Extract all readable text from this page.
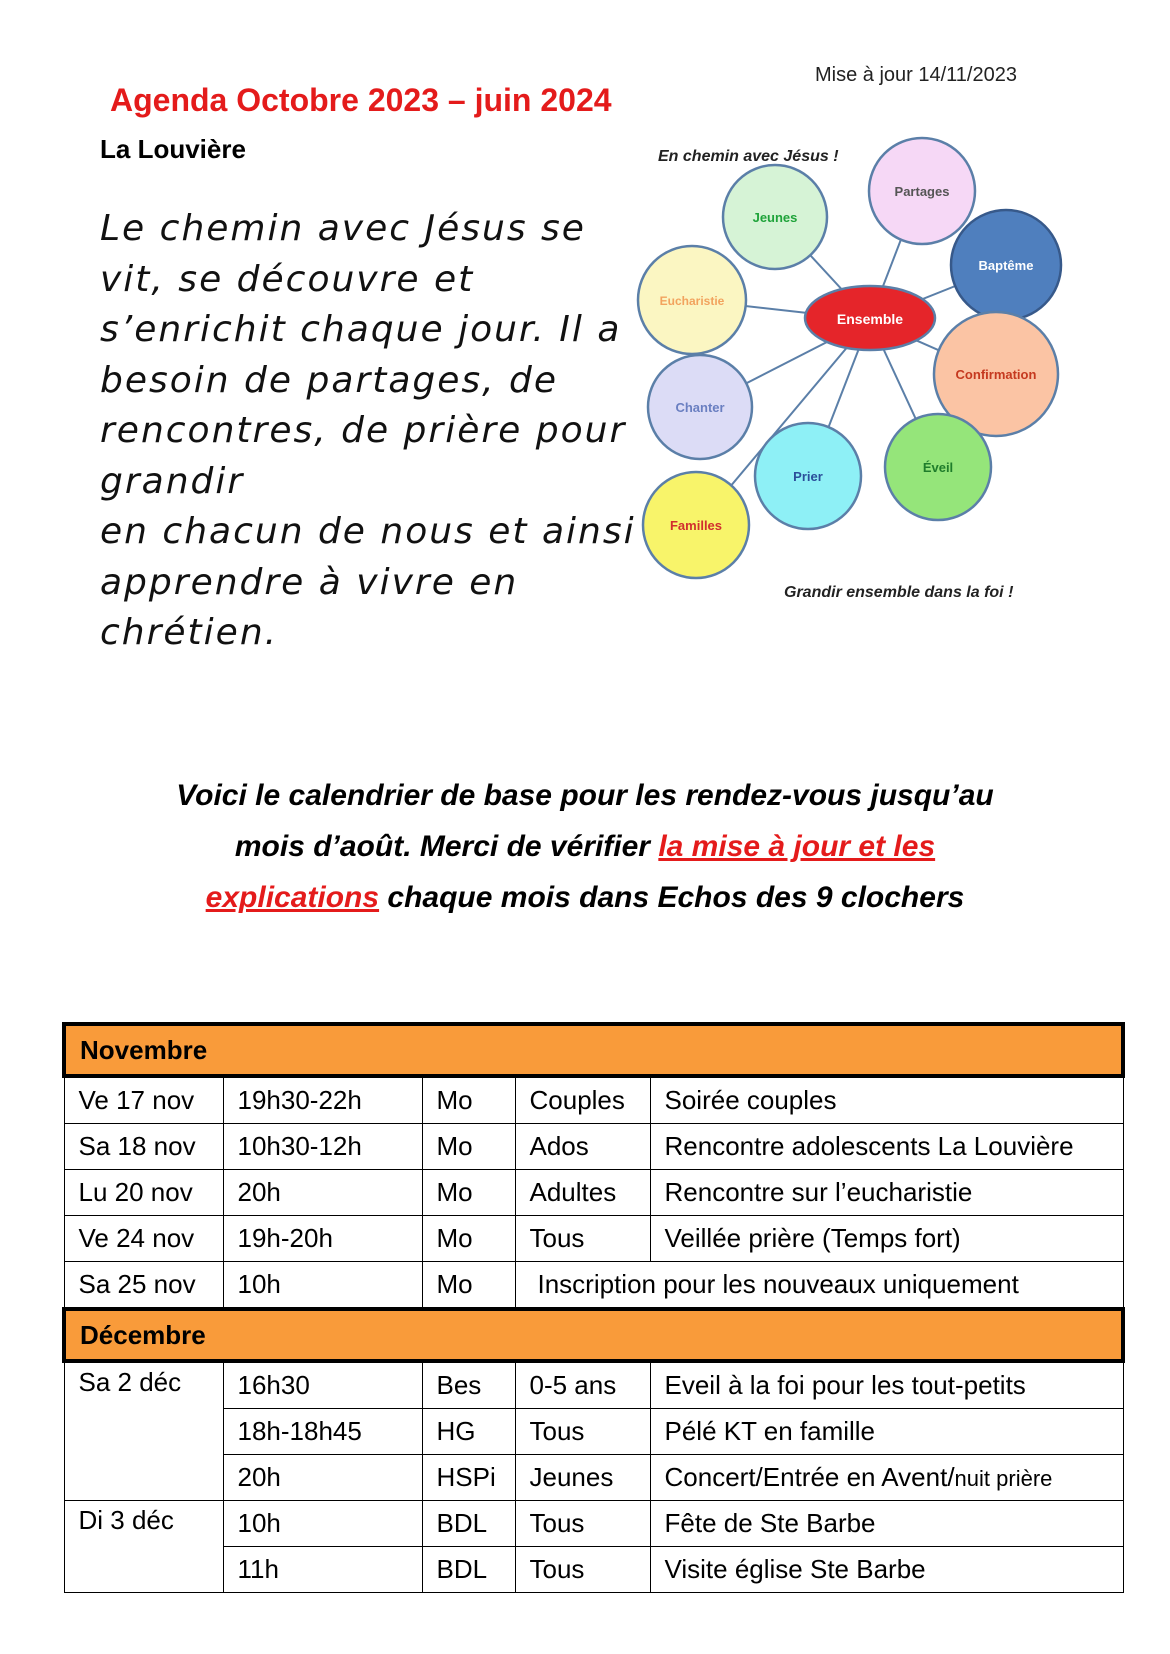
Mise à jour 14/11/2023
Agenda Octobre 2023 – juin 2024
La Louvière
Le chemin avec Jésus se
vit, se découvre et
s’enrichit chaque jour. Il a
besoin de partages, de
rencontres, de prière pour
grandir
en chacun de nous et ainsi
apprendre à vivre en
chrétien.
En chemin avec Jésus !
Jeunes
Partages
Baptême
Eucharistie
Ensemble
Confirmation
Chanter
Éveil
Prier
Familles
Grandir ensemble dans la foi !
Voici le calendrier de base pour les rendez-vous jusqu’au
mois d’août. Merci de vérifier la mise à jour et les
explications chaque mois dans Echos des 9 clochers
Novembre				
Ve 17 nov	19h30-22h	Mo	Couples	Soirée couples
Sa 18 nov	10h30-12h	Mo	Ados	Rencontre adolescents La Louvière
Lu 20 nov	20h	Mo	Adultes	Rencontre sur l’eucharistie
Ve 24 nov	19h-20h	Mo	Tous	Veillée prière (Temps fort)
Sa 25 nov	10h	Mo	Inscription pour les nouveaux uniquement	
Décembre				
Sa 2 déc	16h30	Bes	0-5 ans	Eveil à la foi pour les tout-petits
	18h-18h45	HG	Tous	Pélé KT en famille
	20h	HSPi	Jeunes	Concert/Entrée en Avent/nuit prière
Di 3 déc	10h	BDL	Tous	Fête de Ste Barbe
	11h	BDL	Tous	Visite église Ste Barbe
